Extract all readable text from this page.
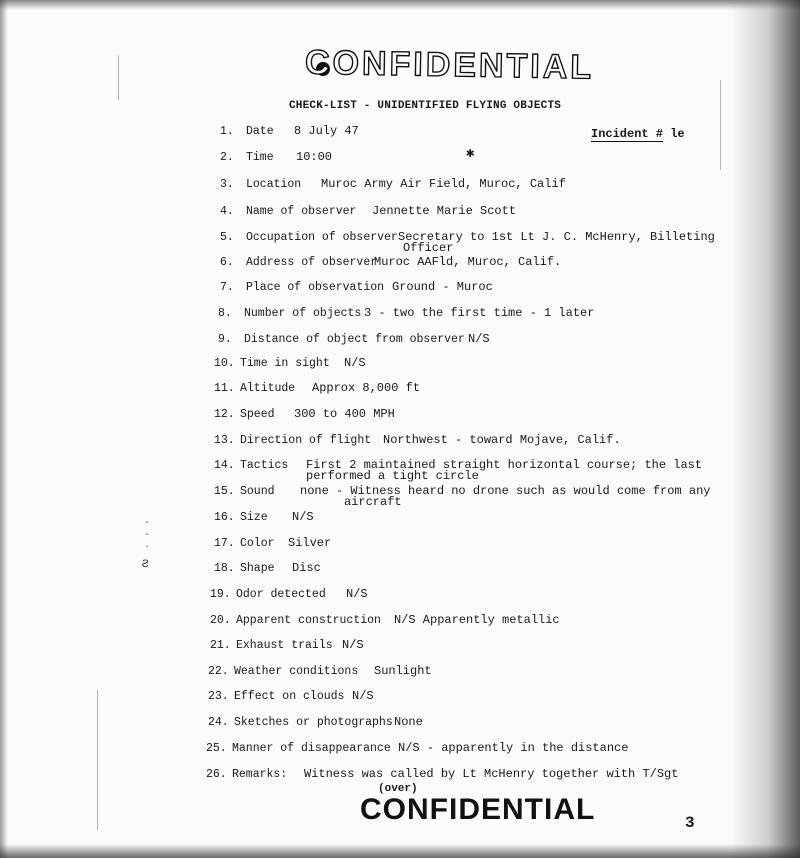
CONFIDENTIAL
CHECK-LIST - UNIDENTIFIED FLYING OBJECTS
Incident # le
✱
-
-
·
ƨ
1. Date 8 July 47
2. Time 10:00
3. Location Muroc Army Air Field, Muroc, Calif
4. Name of observer Jennette Marie Scott
5. Occupation of observerSecretary to 1st Lt J. C. McHenry, Billeting
Officer
6. Address of observerMuroc AAFld, Muroc, Calif.
7. Place of observation Ground - Muroc
8. Number of objects 3 - two the first time - 1 later
9. Distance of object from observer N/S
10. Time in sight N/S
11. Altitude Approx 8,000 ft
12. Speed 300 to 400 MPH
13. Direction of flight Northwest - toward Mojave, Calif.
14. Tactics First 2 maintained straight horizontal course; the last
performed a tight circle
15. Sound none - Witness heard no drone such as would come from any
aircraft
16. Size N/S
17. Color Silver
18. Shape Disc
19. Odor detected N/S
20. Apparent construction N/S Apparently metallic
21. Exhaust trails N/S
22. Weather conditions Sunlight
23. Effect on clouds N/S
24. Sketches or photographsNone
25. Manner of disappearance N/S - apparently in the distance
26. Remarks: Witness was called by Lt McHenry together with T/Sgt
(over)
CONFIDENTIAL	3
